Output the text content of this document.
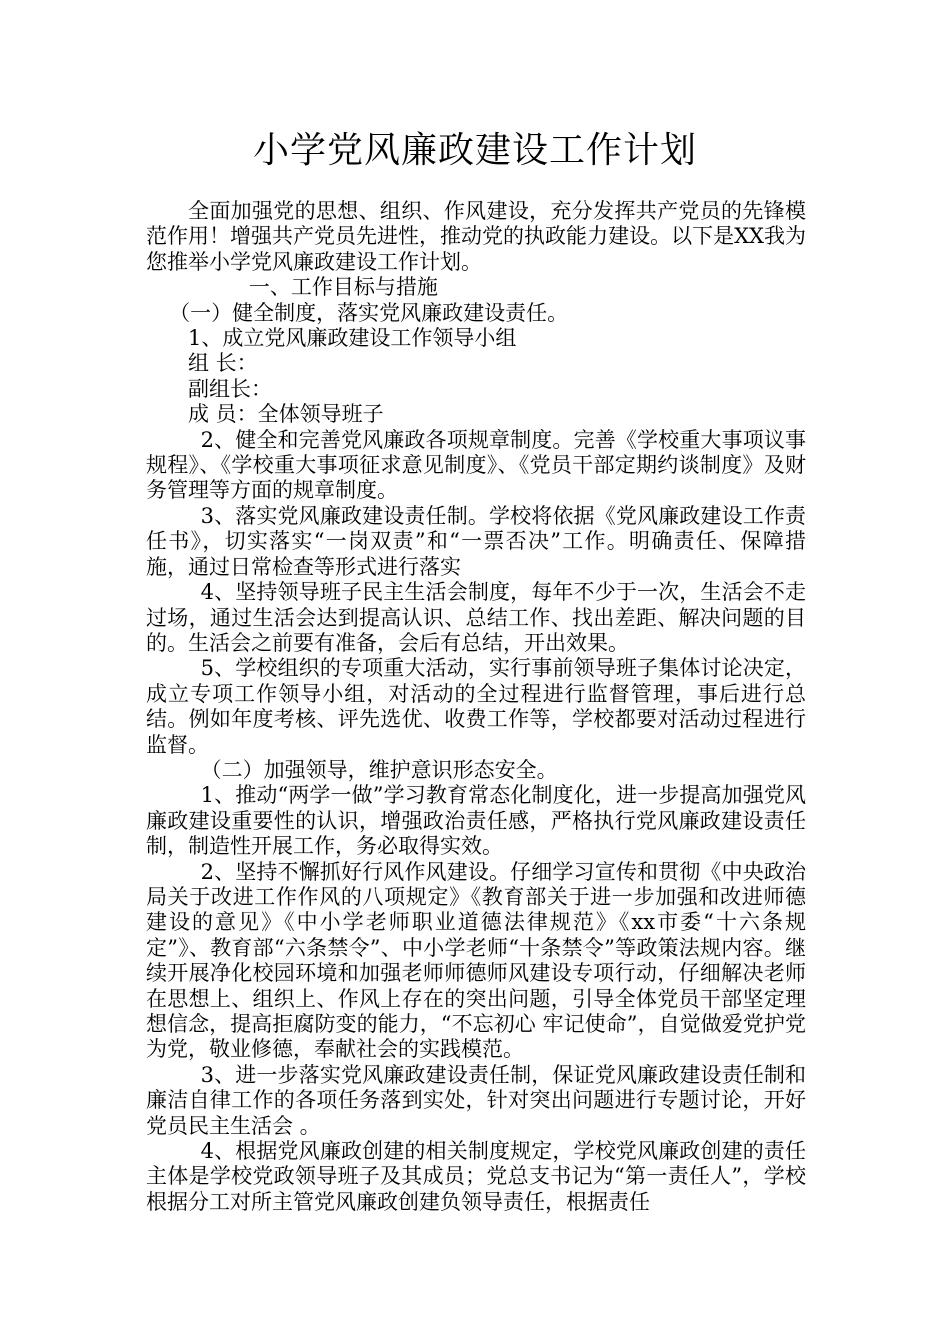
小学党风廉政建设工作计划

全面加强党的思想、组织、作风建设，充分发挥共产党员的先锋模范作用！增强共产党员先进性，推动党的执政能力建设。以下是XX我为您推举小学党风廉政建设工作计划。

一、工作目标与措施

（一）健全制度，落实党风廉政建设责任。

1、成立党风廉政建设工作领导小组

组 长：

副组长：

成 员：全体领导班子

2、健全和完善党风廉政各项规章制度。完善《学校重大事项议事规程》、《学校重大事项征求意见制度》、《党员干部定期约谈制度》及财务管理等方面的规章制度。

3、落实党风廉政建设责任制。学校将依据《党风廉政建设工作责任书》，切实落实“一岗双责”和“一票否决”工作。明确责任、保障措施，通过日常检查等形式进行落实

4、坚持领导班子民主生活会制度，每年不少于一次，生活会不走过场，通过生活会达到提高认识、总结工作、找出差距、解决问题的目的。生活会之前要有准备，会后有总结，开出效果。

5、学校组织的专项重大活动，实行事前领导班子集体讨论决定，成立专项工作领导小组，对活动的全过程进行监督管理，事后进行总结。例如年度考核、评先选优、收费工作等，学校都要对活动过程进行监督。

（二）加强领导，维护意识形态安全。

1、推动“两学一做”学习教育常态化制度化，进一步提高加强党风廉政建设重要性的认识，增强政治责任感，严格执行党风廉政建设责任制，制造性开展工作，务必取得实效。

2、坚持不懈抓好行风作风建设。仔细学习宣传和贯彻《中央政治局关于改进工作作风的八项规定》《教育部关于进一步加强和改进师德建设的意见》《中小学老师职业道德法律规范》《xx市委“十六条规定”》、教育部“六条禁令”、中小学老师“十条禁令”等政策法规内容。继续开展净化校园环境和加强老师师德师风建设专项行动，仔细解决老师在思想上、组织上、作风上存在的突出问题，引导全体党员干部坚定理想信念，提高拒腐防变的能力，“不忘初心 牢记使命”，自觉做爱党护党为党，敬业修德，奉献社会的实践模范。

3、进一步落实党风廉政建设责任制，保证党风廉政建设责任制和廉洁自律工作的各项任务落到实处，针对突出问题进行专题讨论，开好党员民主生活会 。

4、根据党风廉政创建的相关制度规定，学校党风廉政创建的责任主体是学校党政领导班子及其成员；党总支书记为“第一责任人”，学校根据分工对所主管党风廉政创建负领导责任，根据责任
